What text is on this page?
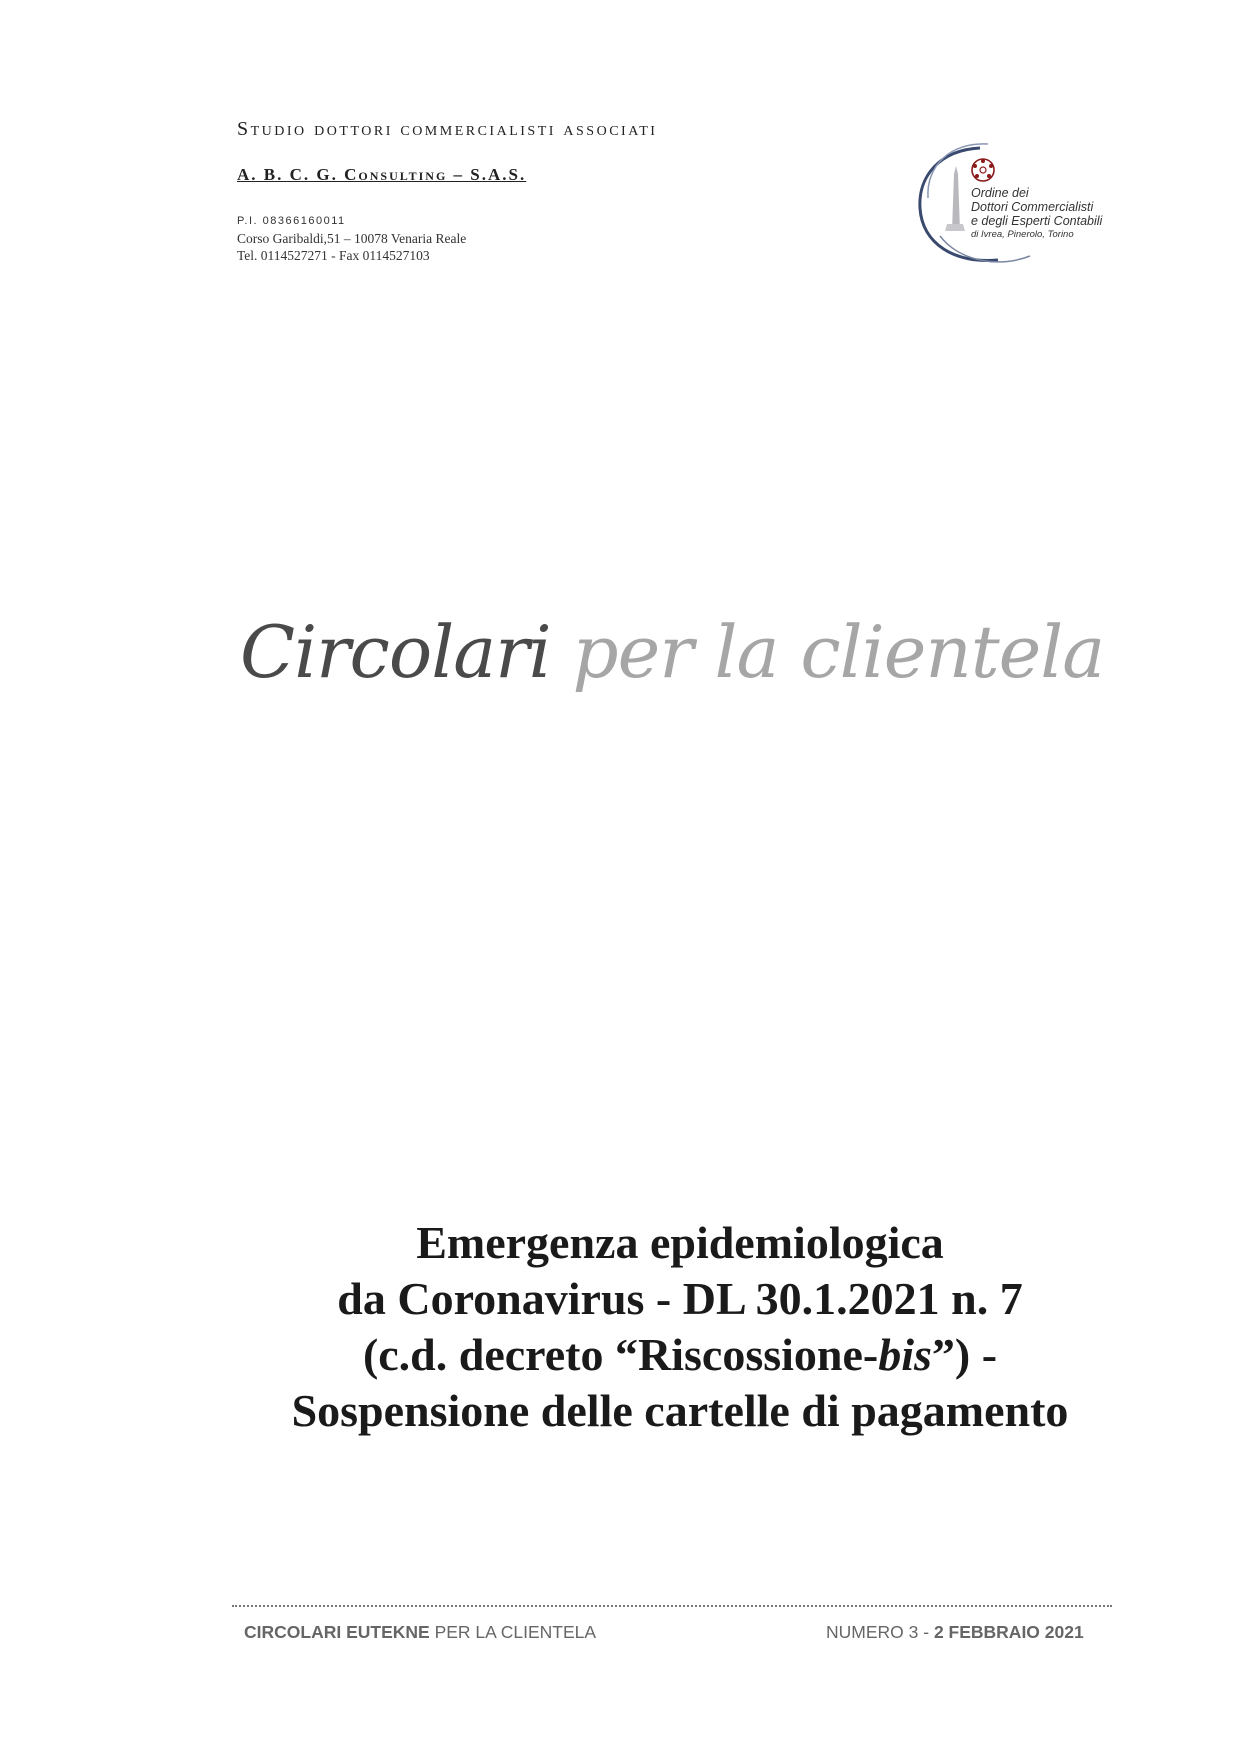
Studio dottori commercialisti associati
A. B. C. G. Consulting – S.A.S.
P.I. 08366160011
Corso Garibaldi,51 – 10078 Venaria Reale
Tel. 0114527271 - Fax 0114527103
Ordine dei
Dottori Commercialisti
e degli Esperti Contabili
di Ivrea, Pinerolo, Torino
Circolari per la clientela
Emergenza epidemiologica
da Coronavirus - DL 30.1.2021 n. 7
(c.d. decreto “Riscossione-bis”) -
Sospensione delle cartelle di pagamento
CIRCOLARI EUTEKNE PER LA CLIENTELA	NUMERO 3 - 2 FEBBRAIO 2021
